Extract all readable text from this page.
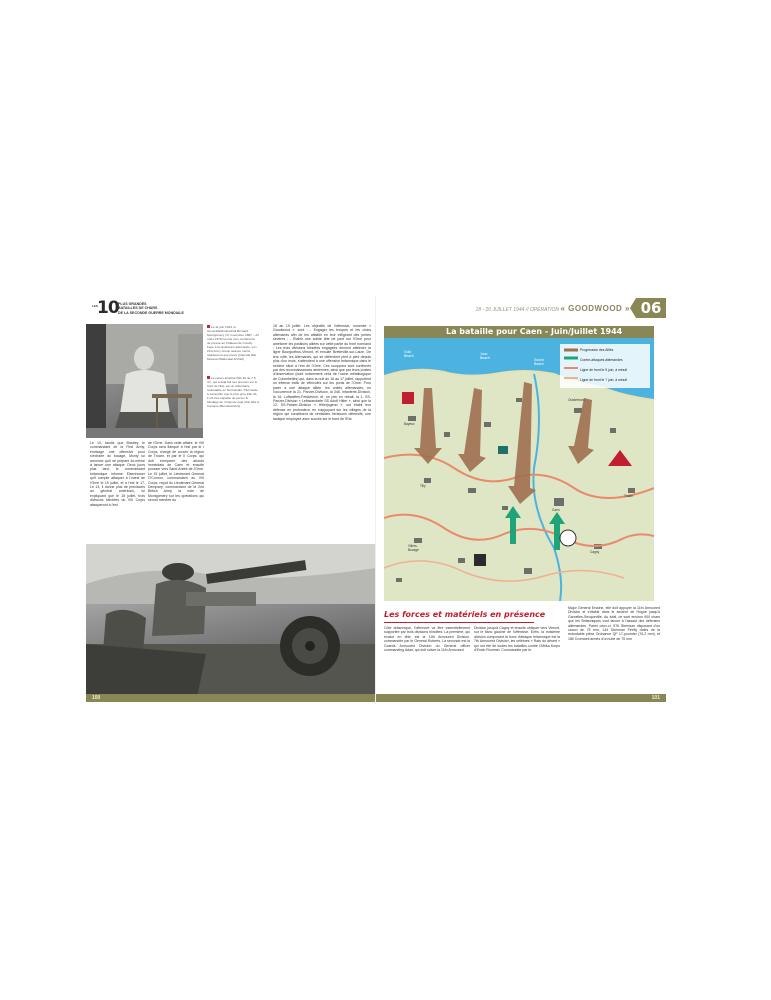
LES 10 PLUS GRANDES
BATAILLES DE CHARS
DE LA SECONDE GUERRE MONDIALE
Le 11 juin 1944, le Generalfeldmarschall Bernard Montgomery (17 novembre 1887 – 24 mars 1976) tourné vers conférence de presse au Château de Creully. Face à la résistance allemande, son 21st Army Group avance moins rapidement que prévu (Imperial War Museum/Nationaal Archief)
Le canon antichar Pak 40 de 7,5 cm, qui a déjà fait ses preuves sur le front de l'Est, est un adversaire redoutable en Normandie. Plus facile à camoufler que le plus gros Pak 43, il est très capable de percer le blindage de n'importe quel char allié à l'époque (Bundesarchiv)
Le 10, tandis que Bradley, le commandant de la First Army, envisage une offensive pour s'extraire du bocage, Monty lui annonce qu'il se prépare lui-même à lancer une attaque. Deux jours plus tard, le commandant britannique informe Eisenhower qu'il compte attaquer à l'ouest de l'Orne le 15 juillet, et à l'est le 17. Le 13, il donne plus de précisions au général américain, lui expliquant que le 18 juillet, trois divisions blindées du VIII Corps attaqueront à l'est
de l'Orne. Dans cette affaire, le VIII Corps sera flanqué à l'est par le I Corps, chargé de couvrir la région de Troarn, et par le II Corps, qui doit s'emparer des abords immédiats de Caen et ensuite pousser vers Saint-André-de-l'Orne. Le 15 juillet, le Lieutenant General O'Connor, commandant du VIII Corps, reçoit du Lieutenant General Dempsey, commandant de la 2nd British Army, la note de Montgomery sur les opérations qui seront menées du
18 au 19 juillet. Les objectifs de l'offensive, nommée « Goodwood », sont : - Engager les troupes et les chars allemands afin de les affaiblir en leur infligeant des pertes sévères ; - Établir une solide tête de pont sur l'Orne pour améliorer les positions alliées sur cette partie du front normand ; Les trois divisions blindées engagées devront atteindre la ligne Bourguébus-Vimont, et ensuite Bretteville-sur-Laize. De leur côté, les Allemands, qui se défendent pied à pied depuis plus d'un mois, s'attendent à une offensive britannique dans le secteur situé à l'est de l'Orne. Ces soupçons sont confirmés par des reconnaissances aériennes, ainsi que par leurs postes d'observation (dont notamment celui de l'usine métallurgique de Colombelles) qui, dans la nuit du 16 au 17 juillet, rapportent un intense trafic de véhicules sur les ponts de l'Orne. Pour parer à une attaque alliée, les unités allemandes, en l'occurrence la 21. Panzer-Division, la 346. Infanterie-Division, la 16. Luftwaffen-Feldivision, et, un peu en retrait, la 1. SS-Panzer-Division « Leibstandarte SS Adolf Hitler », ainsi que la 12. SS-Panzer-Division « Hitlerjugend », ont établi leur défense en profondeur, en s'appuyant sur les villages de la région qui constituent de véritables hérissons défensifs, une tactique employée avec succès sur le front de l'Est.
100
18 - 20 JUILLET 1944 // OPÉRATION « GOODWOOD » 06
La bataille pour Caen - Juin/Juillet 1944
Progression des Alliés
Contre-attaques allemandes
Ligne de front le 5 juin, à minuit
Ligne de front le 7 juin, à minuit
Gold Beach	Juno Beach	Sword Beach
Bayeux
Caen
Tilly
Villers-Bocage
Troarn
Cagny
Ouistreham
Les forces et matériels en présence
Côté britannique, l'offensive va être essentiellement supportée par trois divisions blindées. La première, qui évolue en tête, est la 11th Armoured Division, commandée par le General Roberts. La seconde est la Guards Armoured Division du General officer commanding Adair, qui doit suivre la 11th Armoured
Division jusqu'à Cagny et ensuite obliquer vers Vimont, sur le flanc gauche de l'offensive. Enfin, la troisième division composant la force d'attaque britannique est la 7th Armoured Division, les célèbres « Rats du désert » qui ont été de toutes les batailles contre l'Afrika Korps d'Erwin Rommel. Commandée par le
Major General Erskine, elle doit appuyer la 11th Armoured Division et s'établir dans le secteur de Hogue jusqu'à Garcelles-Secqueville. Au total, ce sont environ 900 chars que les Britanniques vont lancer à l'assaut des défenses allemandes. Parmi ceux-ci, 576 Sherman disposant d'un canon de 75 mm, 144 Sherman Firefly dotés de la redoutable pièce Ordnance QF 17-pounder (76,2 mm), et 180 Cromwell armés d'un tube de 75 mm
101
